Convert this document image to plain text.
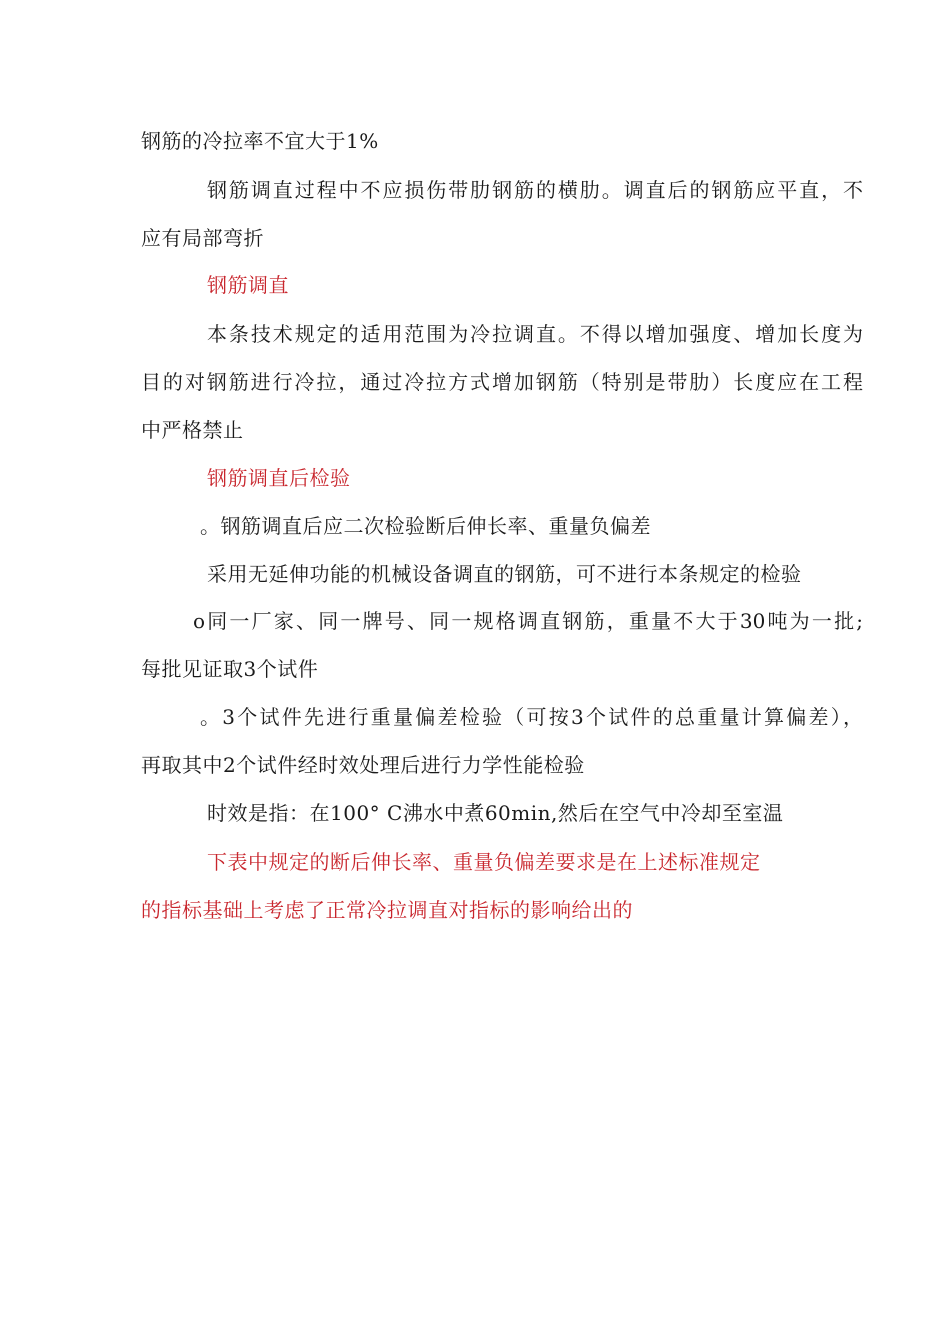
钢筋的冷拉率不宜大于1%
钢筋调直过程中不应损伤带肋钢筋的横肋。调直后的钢筋应平直，不
应有局部弯折
钢筋调直
本条技术规定的适用范围为冷拉调直。不得以增加强度、增加长度为
目的对钢筋进行冷拉，通过冷拉方式增加钢筋（特别是带肋）长度应在工程
中严格禁止
钢筋调直后检验
。钢筋调直后应二次检验断后伸长率、重量负偏差
采用无延伸功能的机械设备调直的钢筋，可不进行本条规定的检验
o同一厂家、同一牌号、同一规格调直钢筋，重量不大于30吨为一批;
每批见证取3个试件
。3个试件先进行重量偏差检验（可按3个试件的总重量计算偏差），
再取其中2个试件经时效处理后进行力学性能检验
时效是指：在100° C沸水中煮60min,然后在空气中冷却至室温
下表中规定的断后伸长率、重量负偏差要求是在上述标准规定
的指标基础上考虑了正常冷拉调直对指标的影响给出的
